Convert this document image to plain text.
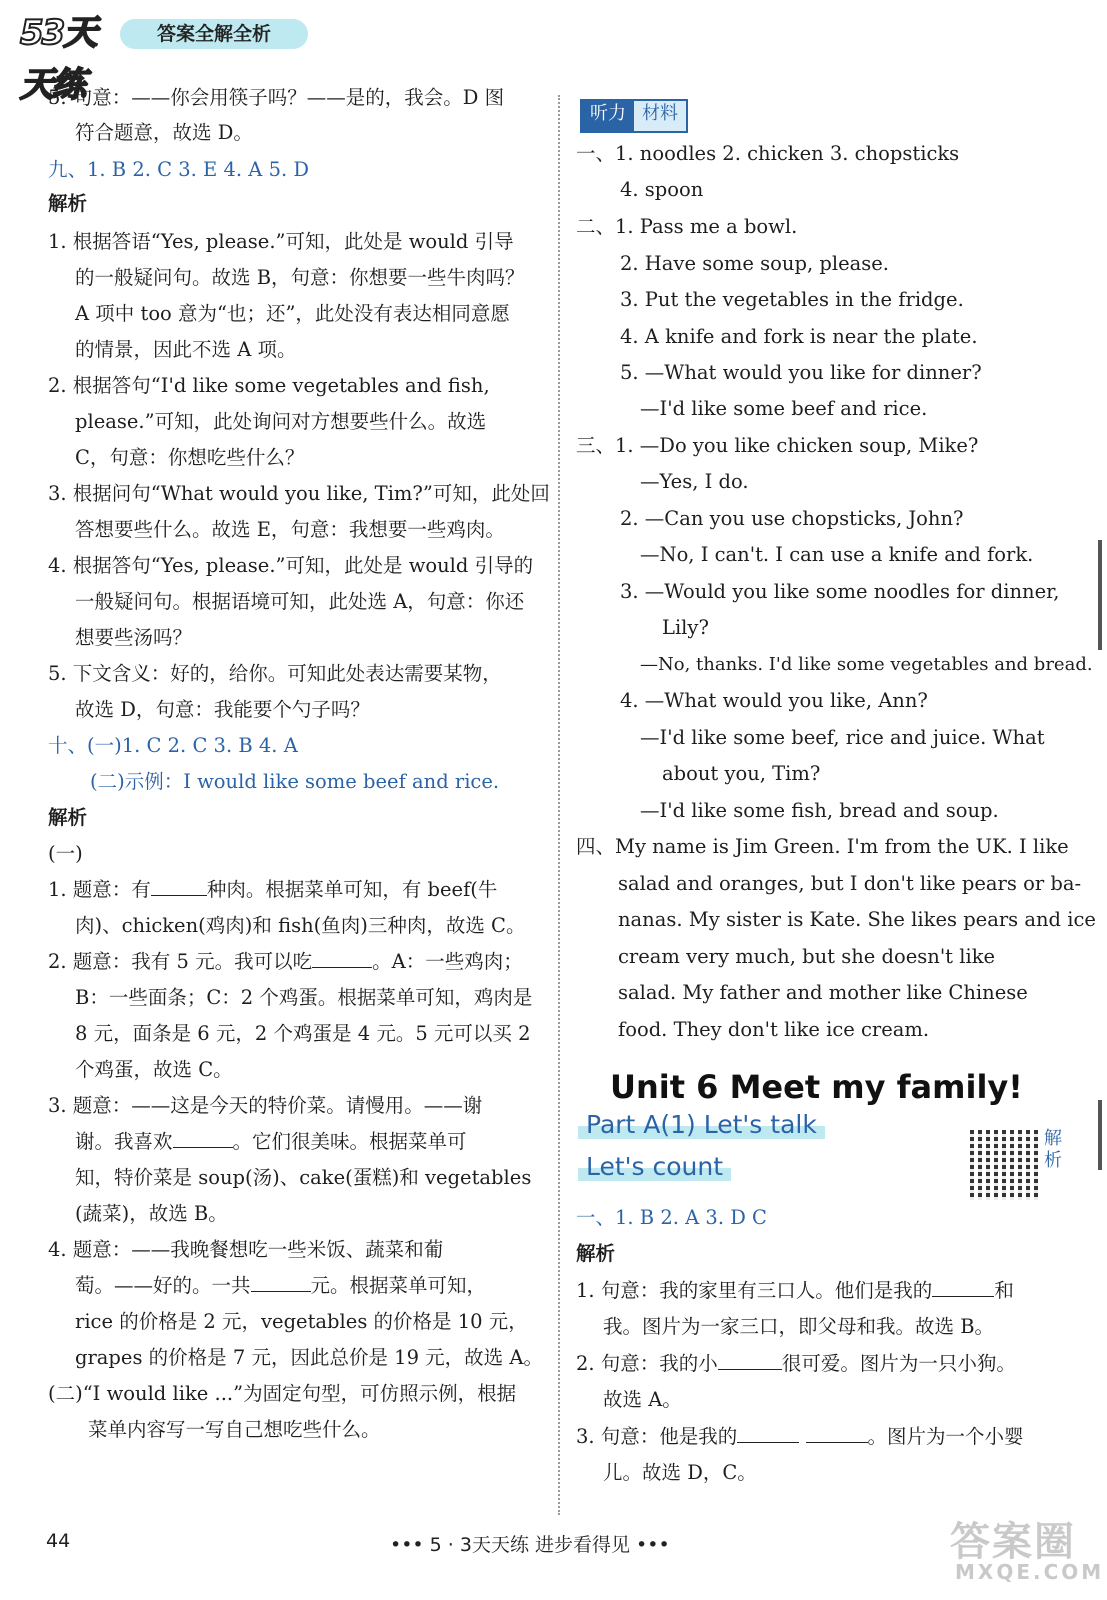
53天天练
答案全解全析
5. 句意：——你会用筷子吗？——是的，我会。D 图
符合题意，故选 D。
九、1. B 2. C 3. E 4. A 5. D
解析
1. 根据答语“Yes, please.”可知，此处是 would 引导
的一般疑问句。故选 B，句意：你想要一些牛肉吗？
A 项中 too 意为“也；还”，此处没有表达相同意愿
的情景，因此不选 A 项。
2. 根据答句“I'd like some vegetables and fish,
please.”可知，此处询问对方想要些什么。故选
C，句意：你想吃些什么？
3. 根据问句“What would you like, Tim?”可知，此处回
答想要些什么。故选 E，句意：我想要一些鸡肉。
4. 根据答句“Yes, please.”可知，此处是 would 引导的
一般疑问句。根据语境可知，此处选 A，句意：你还
想要些汤吗？
5. 下文含义：好的，给你。可知此处表达需要某物，
故选 D，句意：我能要个勺子吗？
十、(一)1. C 2. C 3. B 4. A
(二)示例：I would like some beef and rice.
解析
(一)
1. 题意：有	种肉。根据菜单可知，有 beef(牛
肉)、chicken(鸡肉)和 fish(鱼肉)三种肉，故选 C。
2. 题意：我有 5 元。我可以吃	。A：一些鸡肉；
B：一些面条；C：2 个鸡蛋。根据菜单可知，鸡肉是
8 元，面条是 6 元，2 个鸡蛋是 4 元。5 元可以买 2
个鸡蛋，故选 C。
3. 题意：——这是今天的特价菜。请慢用。——谢
谢。我喜欢	。它们很美味。根据菜单可
知，特价菜是 soup(汤)、cake(蛋糕)和 vegetables
(蔬菜)，故选 B。
4. 题意：——我晚餐想吃一些米饭、蔬菜和葡
萄。——好的。一共	元。根据菜单可知，
rice 的价格是 2 元，vegetables 的价格是 10 元，
grapes 的价格是 7 元，因此总价是 19 元，故选 A。
(二)“I would like ...”为固定句型，可仿照示例，根据
菜单内容写一写自己想吃些什么。
听力 材料
一、1. noodles 2. chicken 3. chopsticks
4. spoon
二、1. Pass me a bowl.
2. Have some soup, please.
3. Put the vegetables in the fridge.
4. A knife and fork is near the plate.
5. —What would you like for dinner?
—I'd like some beef and rice.
三、1. —Do you like chicken soup, Mike?
—Yes, I do.
2. —Can you use chopsticks, John?
—No, I can't. I can use a knife and fork.
3. —Would you like some noodles for dinner,
Lily?
—No, thanks. I'd like some vegetables and bread.
4. —What would you like, Ann?
—I'd like some beef, rice and juice. What
about you, Tim?
—I'd like some fish, bread and soup.
四、My name is Jim Green. I'm from the UK. I like
salad and oranges, but I don't like pears or ba-
nanas. My sister is Kate. She likes pears and ice
cream very much, but she doesn't like
salad. My father and mother like Chinese
food. They don't like ice cream.
Unit 6 Meet my family!
Part A(1) Let's talk
Let's count
解析
一、1. B 2. A 3. D C
解析
1. 句意：我的家里有三口人。他们是我的	和
我。图片为一家三口，即父母和我。故选 B。
2. 句意：我的小	很可爱。图片为一只小狗。
故选 A。
3. 句意：他是我的	。图片为一个小婴
儿。故选 D，C。
44	••• 5 · 3天天练 进步看得见 •••	答案圈
MXQE.COM
